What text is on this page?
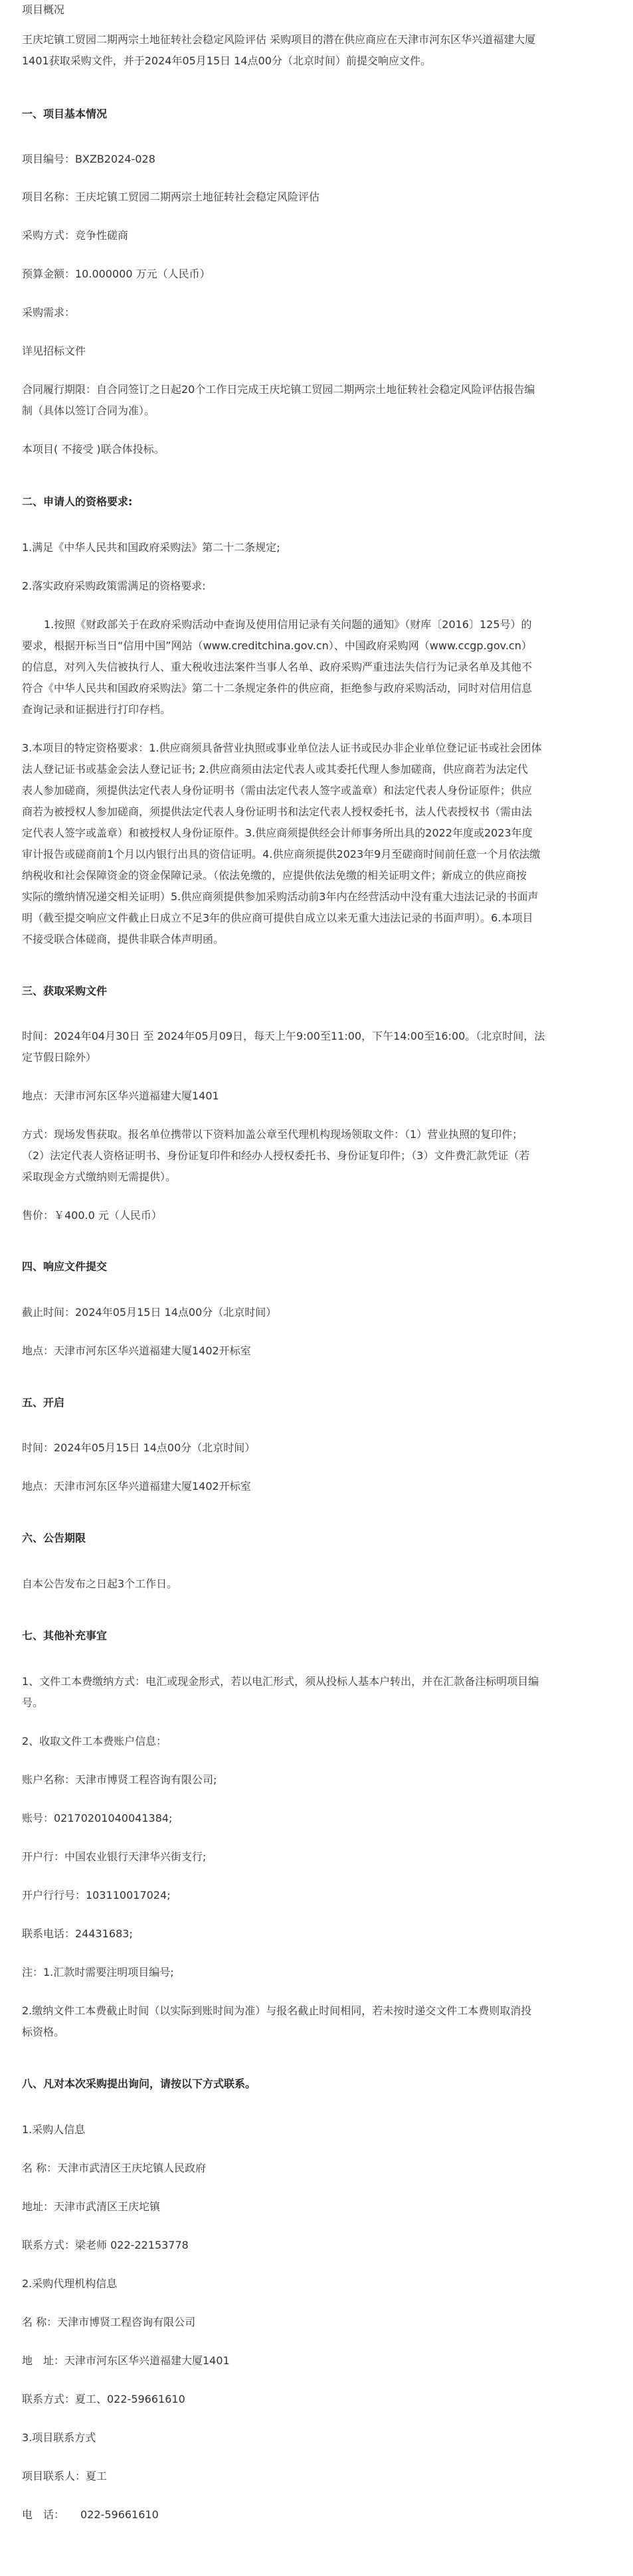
项目概况

王庆坨镇工贸园二期两宗土地征转社会稳定风险评估 采购项目的潜在供应商应在天津市河东区华兴道福建大厦

1401获取采购文件，并于2024年05月15日 14点00分（北京时间）前提交响应文件。

一、项目基本情况

项目编号：BXZB2024-028

项目名称：王庆坨镇工贸园二期两宗土地征转社会稳定风险评估

采购方式：竞争性磋商

预算金额：10.000000 万元（人民币）

采购需求：

详见招标文件

合同履行期限：自合同签订之日起20个工作日完成王庆坨镇工贸园二期两宗土地征转社会稳定风险评估报告编

制（具体以签订合同为准）。

本项目( 不接受 )联合体投标。

二、申请人的资格要求:

1.满足《中华人民共和国政府采购法》第二十二条规定;

2.落实政府采购政策需满足的资格要求:

1.按照《财政部关于在政府采购活动中查询及使用信用记录有关问题的通知》（财库〔2016〕125号）的

要求，根据开标当日“信用中国”网站（www.creditchina.gov.cn）、中国政府采购网（www.ccgp.gov.cn）

的信息，对列入失信被执行人、重大税收违法案件当事人名单、政府采购严重违法失信行为记录名单及其他不

符合《中华人民共和国政府采购法》第二十二条规定条件的供应商，拒绝参与政府采购活动，同时对信用信息

查询记录和证据进行打印存档。

3.本项目的特定资格要求：1.供应商须具备营业执照或事业单位法人证书或民办非企业单位登记证书或社会团体

法人登记证书或基金会法人登记证书; 2.供应商须由法定代表人或其委托代理人参加磋商，供应商若为法定代

表人参加磋商，须提供法定代表人身份证明书（需由法定代表人签字或盖章）和法定代表人身份证原件；供应

商若为被授权人参加磋商，须提供法定代表人身份证明书和法定代表人授权委托书，法人代表授权书（需由法

定代表人签字或盖章）和被授权人身份证原件。3.供应商须提供经会计师事务所出具的2022年度或2023年度

审计报告或磋商前1个月以内银行出具的资信证明。4.供应商须提供2023年9月至磋商时间前任意一个月依法缴

纳税收和社会保障资金的资金保障记录。（依法免缴的，应提供依法免缴的相关证明文件；新成立的供应商按

实际的缴纳情况递交相关证明）5.供应商须提供参加采购活动前3年内在经营活动中没有重大违法记录的书面声

明（截至提交响应文件截止日成立不足3年的供应商可提供自成立以来无重大违法记录的书面声明）。6.本项目

不接受联合体磋商，提供非联合体声明函。

三、获取采购文件

时间：2024年04月30日 至 2024年05月09日，每天上午9:00至11:00，下午14:00至16:00。（北京时间，法

定节假日除外）

地点：天津市河东区华兴道福建大厦1401

方式：现场发售获取。报名单位携带以下资料加盖公章至代理机构现场领取文件：（1）营业执照的复印件；

（2）法定代表人资格证明书、身份证复印件和经办人授权委托书、身份证复印件；（3）文件费汇款凭证（若

采取现金方式缴纳则无需提供）。

售价：￥400.0 元（人民币）

四、响应文件提交

截止时间：2024年05月15日 14点00分（北京时间）

地点：天津市河东区华兴道福建大厦1402开标室

五、开启

时间：2024年05月15日 14点00分（北京时间）

地点：天津市河东区华兴道福建大厦1402开标室

六、公告期限

自本公告发布之日起3个工作日。

七、其他补充事宜

1、文件工本费缴纳方式：电汇或现金形式，若以电汇形式，须从投标人基本户转出，并在汇款备注标明项目编

号。

2、收取文件工本费账户信息：

账户名称：天津市博贤工程咨询有限公司;

账号：02170201040041384;

开户行：中国农业银行天津华兴街支行;

开户行行号：103110017024;

联系电话：24431683;

注：1.汇款时需要注明项目编号;

2.缴纳文件工本费截止时间（以实际到账时间为准）与报名截止时间相同，若未按时递交文件工本费则取消投

标资格。

八、凡对本次采购提出询问，请按以下方式联系。

1.采购人信息

名 称：天津市武清区王庆坨镇人民政府

地址：天津市武清区王庆坨镇

联系方式：梁老师 022-22153778

2.采购代理机构信息

名 称：天津市博贤工程咨询有限公司

地　址：天津市河东区华兴道福建大厦1401

联系方式：夏工、022-59661610

3.项目联系方式

项目联系人：夏工

电　话： 022-59661610
